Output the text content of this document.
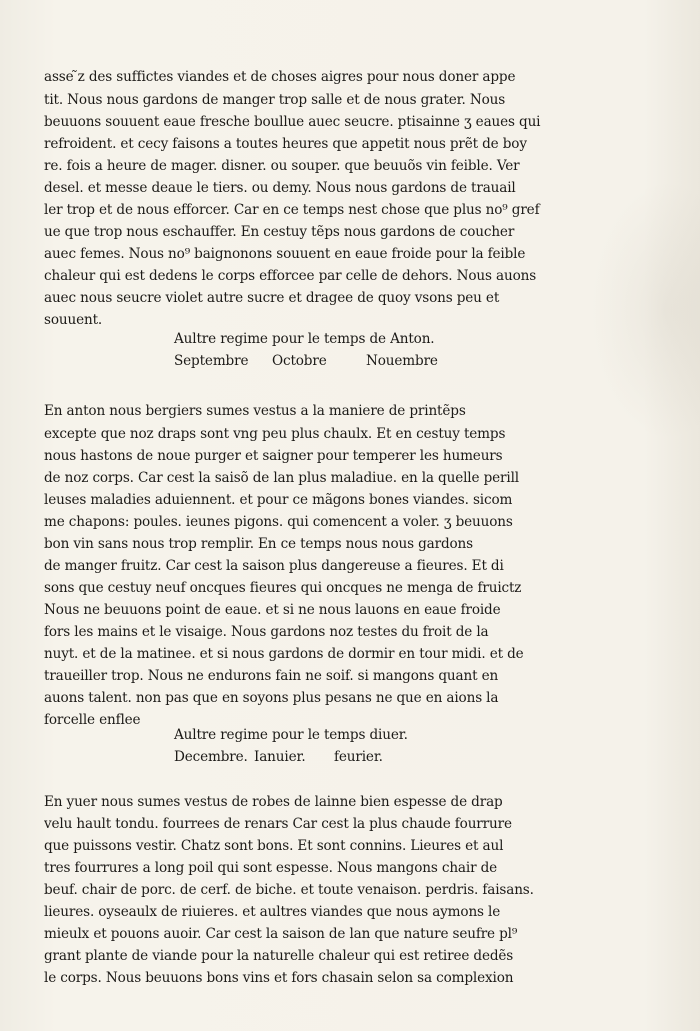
asse ̃z des suffictes viandes et de choses aigres pour nous doner appe
tit. Nous nous gardons de manger trop salle et de nous grater. Nous
beuuons souuent eaue fresche boullue auec seucre. ptisainne ʒ eaues qui
refroident. et cecy faisons a toutes heures que appetit nous prẽt de boy
re. fois a heure de mager. disner. ou souper. que beuuõs vin feible. Ver
desel. et messe deaue le tiers. ou demy. Nous nous gardons de trauail
ler trop et de nous efforcer. Car en ce temps nest chose que plus no⁹ gref
ue que trop nous eschauffer. En cestuy tẽps nous gardons de coucher
auec femes. Nous no⁹ baignonons souuent en eaue froide pour la feible
chaleur qui est dedens le corps efforcee par celle de dehors. Nous auons
auec nous seucre violet autre sucre et dragee de quoy vsons peu et
souuent.
Aultre regime pour le temps de Anton.
Septembre Octobre	Nouembre
En anton nous bergiers sumes vestus a la maniere de printẽps
excepte que noz draps sont vng peu plus chaulx. Et en cestuy temps
nous hastons de noue purger et saigner pour temperer les humeurs
de noz corps. Car cest la saisõ de lan plus maladiue. en la quelle perill
leuses maladies aduiennent. et pour ce mãgons bones viandes. sicom
me chapons: poules. ieunes pigons. qui comencent a voler. ʒ beuuons
bon vin sans nous trop remplir. En ce temps nous nous gardons
de manger fruitz. Car cest la saison plus dangereuse a fieures. Et di
sons que cestuy neuf oncques fieures qui oncques ne menga de fruictz
Nous ne beuuons point de eaue. et si ne nous lauons en eaue froide
fors les mains et le visaige. Nous gardons noz testes du froit de la
nuyt. et de la matinee. et si nous gardons de dormir en tour midi. et de
traueiller trop. Nous ne endurons fain ne soif. si mangons quant en
auons talent. non pas que en soyons plus pesans ne que en aions la
forcelle enflee
Aultre regime pour le temps diuer.
Decembre. Ianuier. feurier.
En yuer nous sumes vestus de robes de lainne bien espesse de drap
velu hault tondu. fourrees de renars Car cest la plus chaude fourrure
que puissons vestir. Chatz sont bons. Et sont connins. Lieures et aul
tres fourrures a long poil qui sont espesse. Nous mangons chair de
beuf. chair de porc. de cerf. de biche. et toute venaison. perdris. faisans.
lieures. oyseaulx de riuieres. et aultres viandes que nous aymons le
mieulx et pouons auoir. Car cest la saison de lan que nature seufre pl⁹
grant plante de viande pour la naturelle chaleur qui est retiree dedẽs
le corps. Nous beuuons bons vins et fors chasain selon sa complexion
